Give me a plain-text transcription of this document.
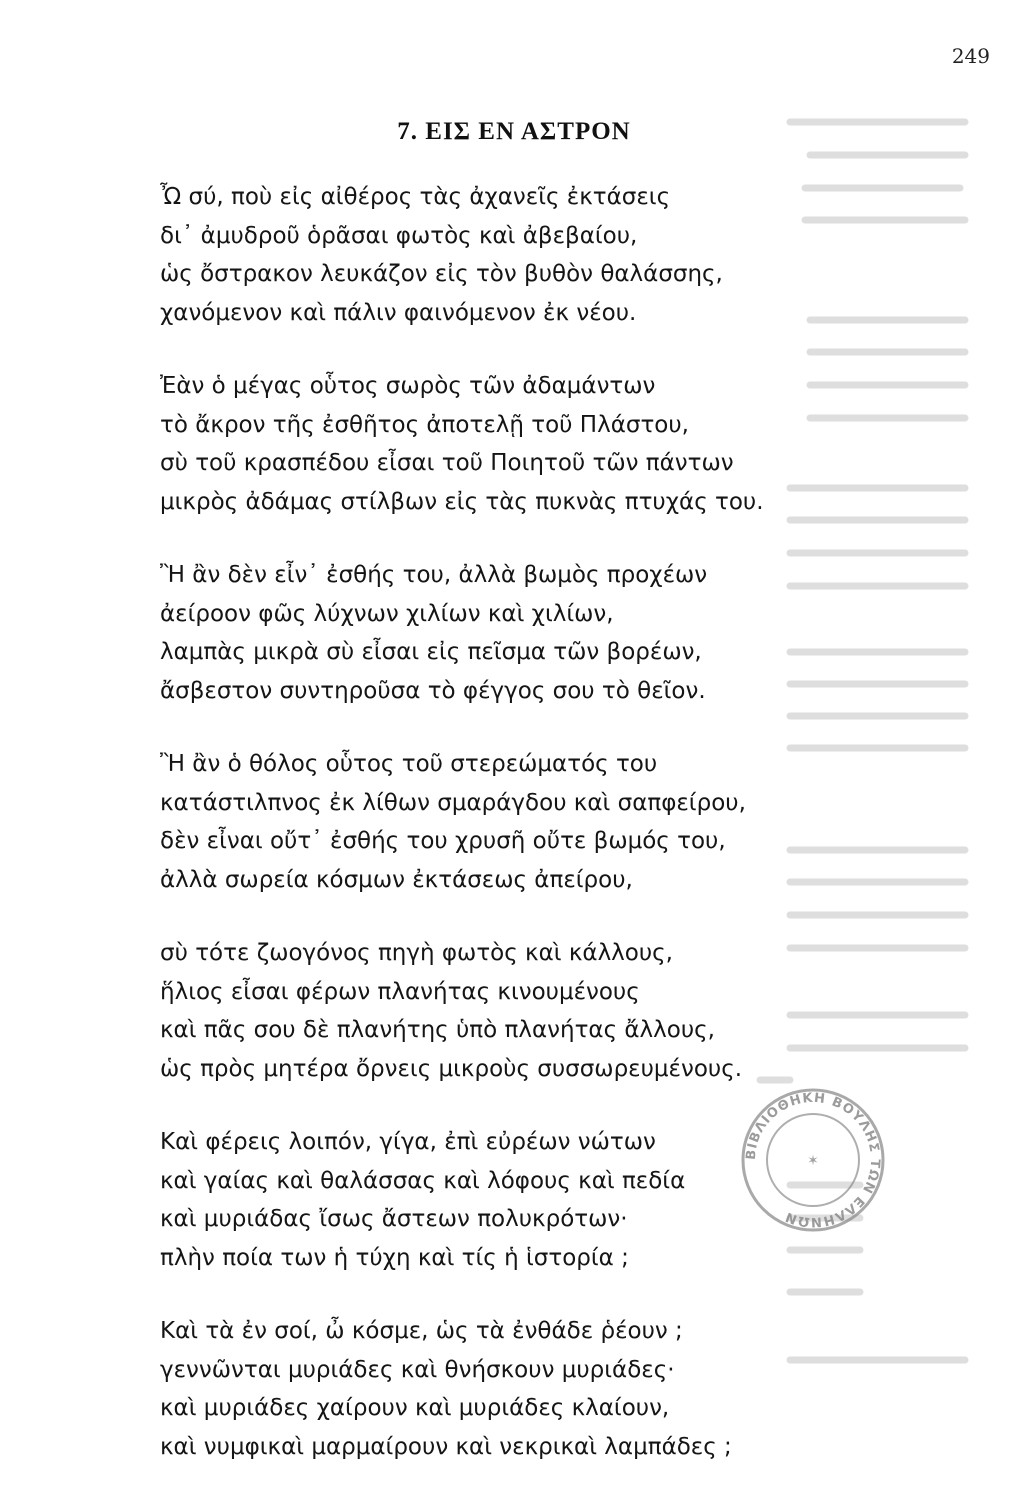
249
7. ΕΙΣ ΕΝ ΑΣΤΡΟΝ
Ὦ σύ, ποὺ εἰς αἰθέρος τὰς ἀχανεῖς ἐκτάσεις
δι᾿ ἀμυδροῦ ὁρᾶσαι φωτὸς καὶ ἀβεβαίου,
ὡς ὄστρακον λευκάζον εἰς τὸν βυθὸν θαλάσσης,
χανόμενον καὶ πάλιν φαινόμενον ἐκ νέου.
Ἐὰν ὁ μέγας οὗτος σωρὸς τῶν ἀδαμάντων
τὸ ἄκρον τῆς ἐσθῆτος ἀποτελῇ τοῦ Πλάστου,
σὺ τοῦ κρασπέδου εἶσαι τοῦ Ποιητοῦ τῶν πάντων
μικρὸς ἀδάμας στίλβων εἰς τὰς πυκνὰς πτυχάς του.
Ἢ ἂν δὲν εἶν᾿ ἐσθής του, ἀλλὰ βωμὸς προχέων
ἀείροον φῶς λύχνων χιλίων καὶ χιλίων,
λαμπὰς μικρὰ σὺ εἶσαι εἰς πεῖσμα τῶν βορέων,
ἄσβεστον συντηροῦσα τὸ φέγγος σου τὸ θεῖον.
Ἢ ἂν ὁ θόλος οὗτος τοῦ στερεώματός του
κατάστιλπνος ἐκ λίθων σμαράγδου καὶ σαπφείρου,
δὲν εἶναι οὔτ᾿ ἐσθής του χρυσῆ οὔτε βωμός του,
ἀλλὰ σωρεία κόσμων ἐκτάσεως ἀπείρου,
σὺ τότε ζωογόνος πηγὴ φωτὸς καὶ κάλλους,
ἥλιος εἶσαι φέρων πλανήτας κινουμένους
καὶ πᾶς σου δὲ πλανήτης ὑπὸ πλανήτας ἄλλους,
ὡς πρὸς μητέρα ὄρνεις μικροὺς συσσωρευμένους.
Καὶ φέρεις λοιπόν, γίγα, ἐπὶ εὐρέων νώτων
καὶ γαίας καὶ θαλάσσας καὶ λόφους καὶ πεδία
καὶ μυριάδας ἴσως ἄστεων πολυκρότων·
πλὴν ποία των ἡ τύχη καὶ τίς ἡ ἱστορία ;
Καὶ τὰ ἐν σοί, ὦ κόσμε, ὡς τὰ ἐνθάδε ῥέουν ;
γεννῶνται μυριάδες καὶ θνήσκουν μυριάδες·
καὶ μυριάδες χαίρουν καὶ μυριάδες κλαίουν,
καὶ νυμφικαὶ μαρμαίρουν καὶ νεκρικαὶ λαμπάδες ;
ΒΙΒΛΙΟΘΗΚΗ ΒΟΥΛΗΣ ΤΩΝ ΕΛΛΗΝΩΝ
✶
